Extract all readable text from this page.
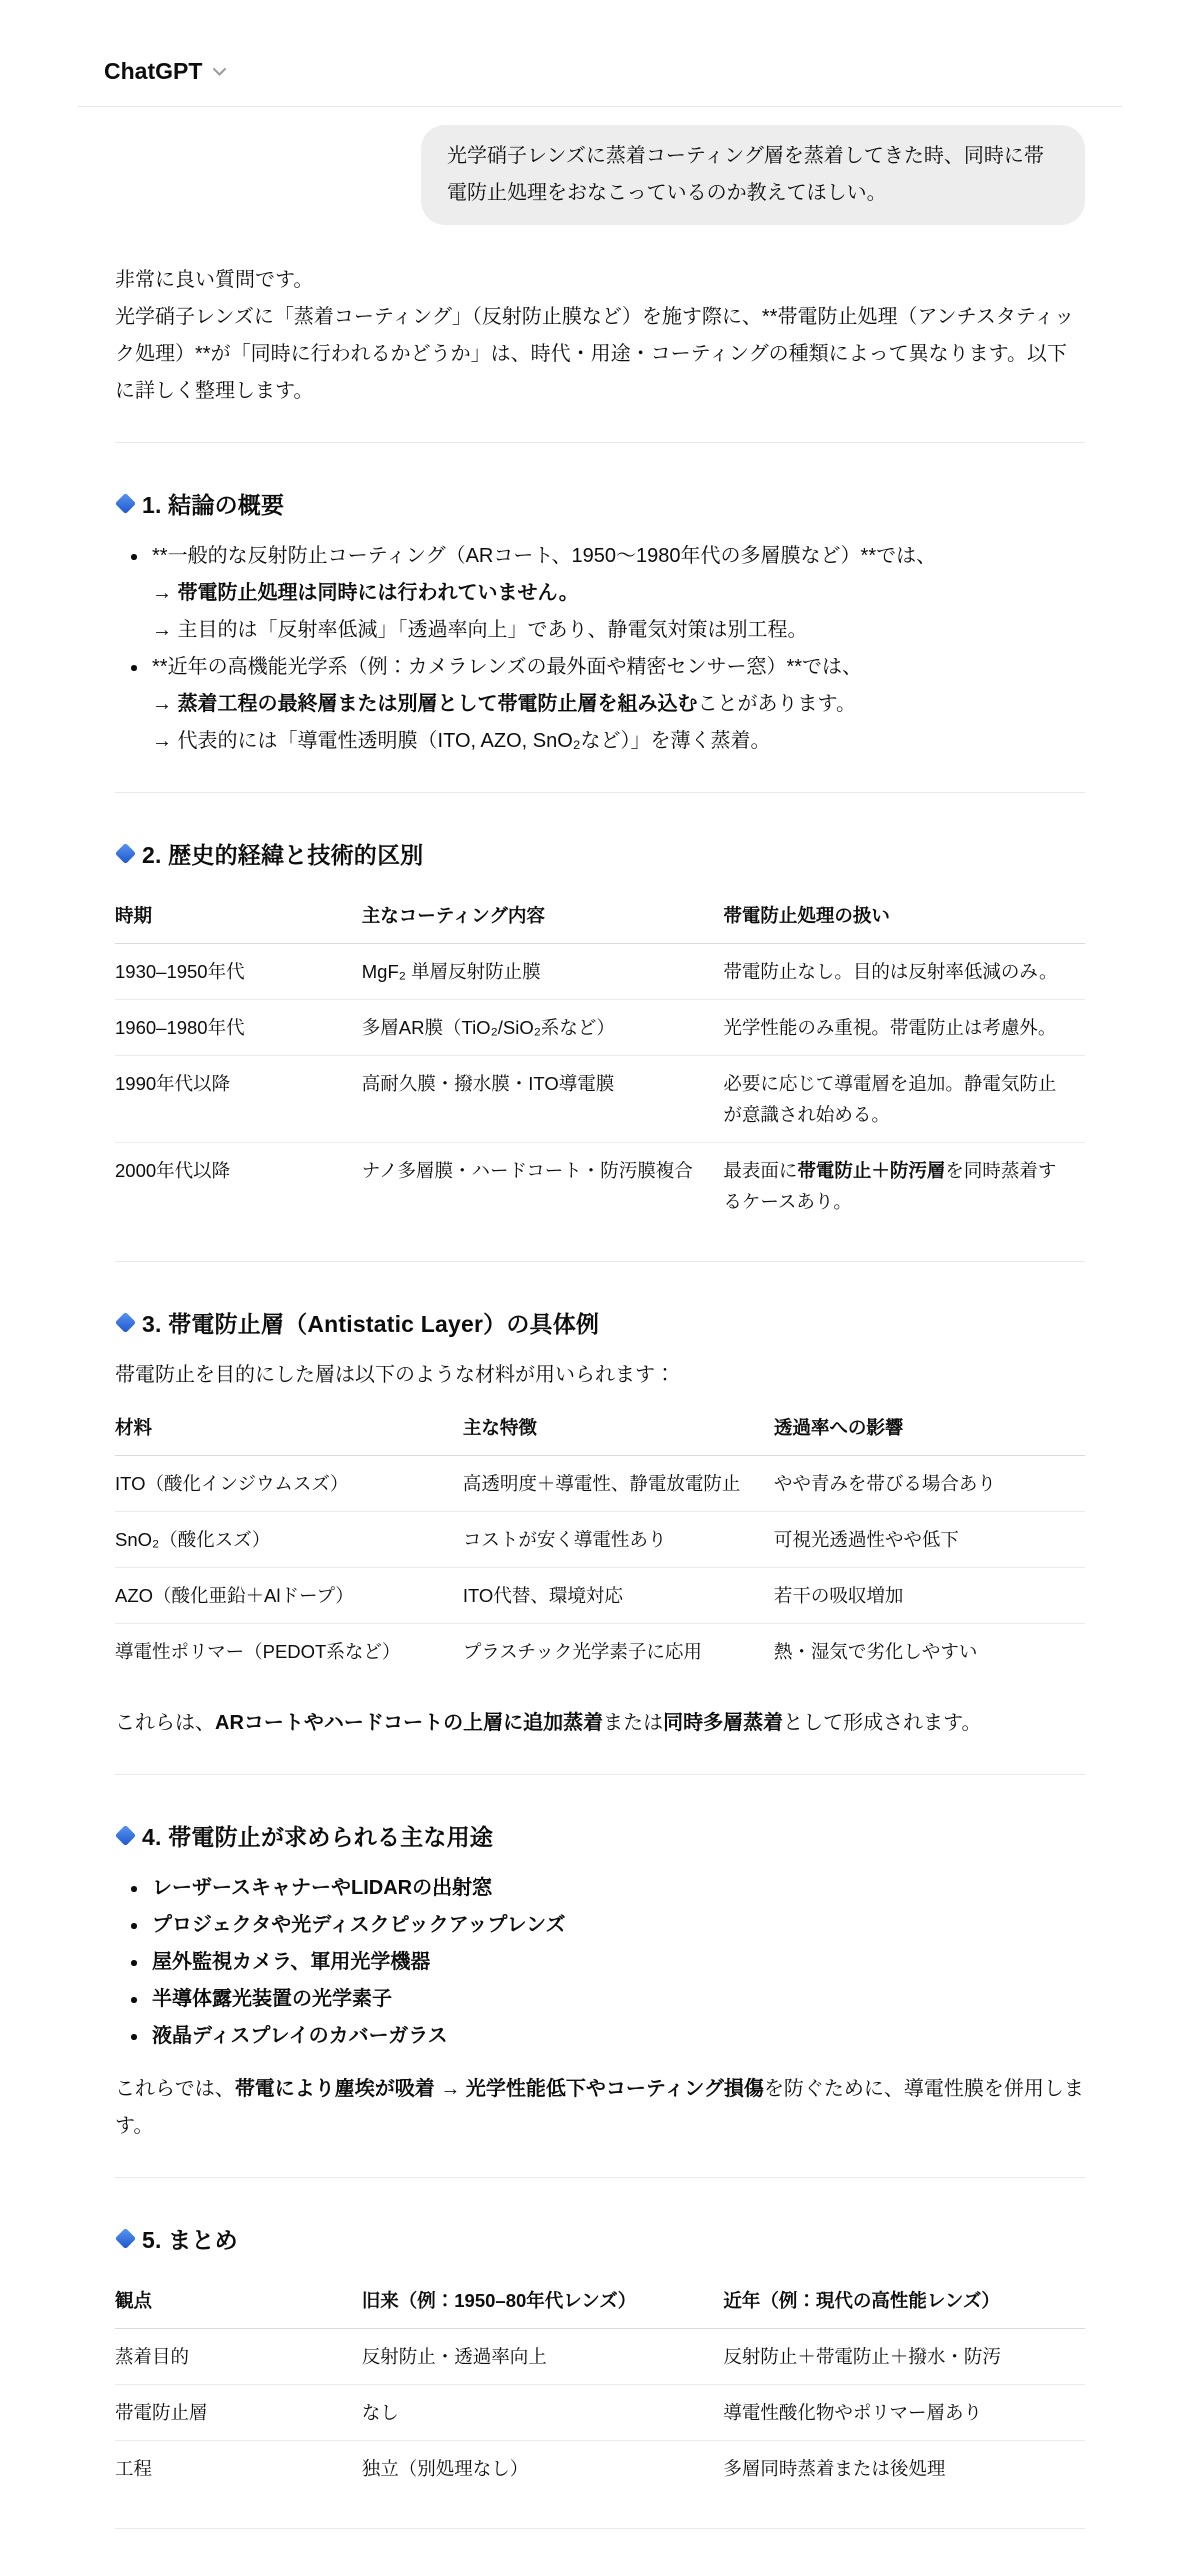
ChatGPT
光学硝子レンズに蒸着コーティング層を蒸着してきた時、同時に帯電防止処理をおなこっているのか教えてほしい。

非常に良い質問です。

光学硝子レンズに「蒸着コーティング」（反射防止膜など）を施す際に、**帯電防止処理（アンチスタティック処理）**が「同時に行われるかどうか」は、時代・用途・コーティングの種類によって異なります。以下に詳しく整理します。

1. 結論の概要
**一般的な反射防止コーティング（ARコート、1950〜1980年代の多層膜など）**では、
→ 帯電防止処理は同時には行われていません。
→ 主目的は「反射率低減」「透過率向上」であり、静電気対策は別工程。
**近年の高機能光学系（例：カメラレンズの最外面や精密センサー窓）**では、
→ 蒸着工程の最終層または別層として帯電防止層を組み込むことがあります。
→ 代表的には「導電性透明膜（ITO, AZO, SnO₂など）」を薄く蒸着。
2. 歴史的経緯と技術的区別
時期	主なコーティング内容	帯電防止処理の扱い
1930–1950年代	MgF₂ 単層反射防止膜	帯電防止なし。目的は反射率低減のみ。
1960–1980年代	多層AR膜（TiO₂/SiO₂系など）	光学性能のみ重視。帯電防止は考慮外。
1990年代以降	高耐久膜・撥水膜・ITO導電膜	必要に応じて導電層を追加。静電気防止が意識され始める。
2000年代以降	ナノ多層膜・ハードコート・防汚膜複合	最表面に帯電防止＋防汚層を同時蒸着するケースあり。
3. 帯電防止層（Antistatic Layer）の具体例

帯電防止を目的にした層は以下のような材料が用いられます：

材料	主な特徴	透過率への影響
ITO（酸化インジウムスズ）	高透明度＋導電性、静電放電防止	やや青みを帯びる場合あり
SnO₂（酸化スズ）	コストが安く導電性あり	可視光透過性やや低下
AZO（酸化亜鉛＋Alドープ）	ITO代替、環境対応	若干の吸収増加
導電性ポリマー（PEDOT系など）	プラスチック光学素子に応用	熱・湿気で劣化しやすい

これらは、ARコートやハードコートの上層に追加蒸着または同時多層蒸着として形成されます。

4. 帯電防止が求められる主な用途
レーザースキャナーやLIDARの出射窓
プロジェクタや光ディスクピックアップレンズ
屋外監視カメラ、軍用光学機器
半導体露光装置の光学素子
液晶ディスプレイのカバーガラス

これらでは、帯電により塵埃が吸着 → 光学性能低下やコーティング損傷を防ぐために、導電性膜を併用します。

5. まとめ
観点	旧来（例：1950–80年代レンズ）	近年（例：現代の高性能レンズ）
蒸着目的	反射防止・透過率向上	反射防止＋帯電防止＋撥水・防汚
帯電防止層	なし	導電性酸化物やポリマー層あり
工程	独立（別処理なし）	多層同時蒸着または後処理
